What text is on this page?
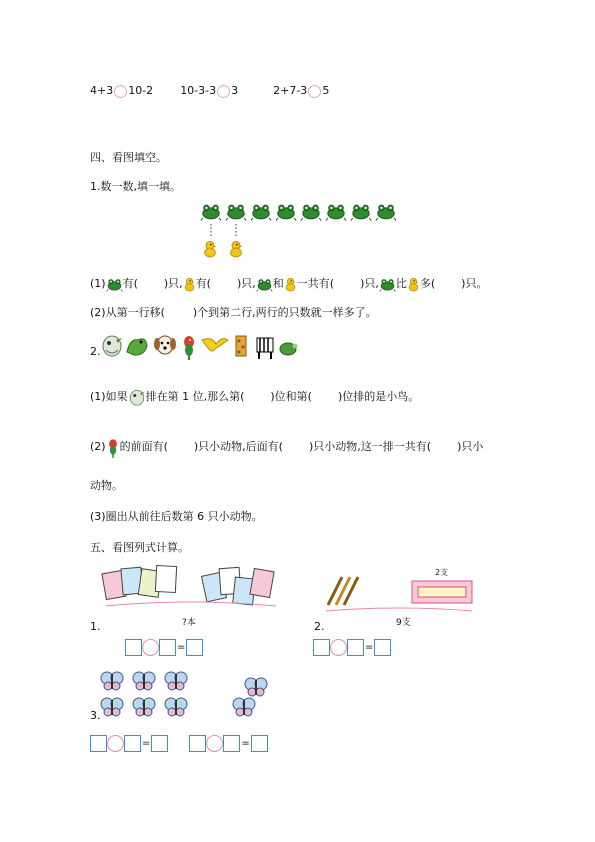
4+3 10-2 10-3-3 3	2+7-3 5
四、看图填空。
1.数一数,填一填。
(1) 有( )只, 有( )只, 和 一共有( )只, 比 多( )只。
(2)从第一行移(        )个到第二行,两行的只数就一样多了。
2.
(1)如果 排在第 1 位,那么第( )位和第( )位排的是小鸟。
(2) 的前面有( )只小动物,后面有( )只小动物,这一排一共有( )只小
动物。
(3)圈出从前往后数第 6 只小动物。
五、看图列式计算。
?本
1.
=
2支
9支
2.
=
3.
=	=
